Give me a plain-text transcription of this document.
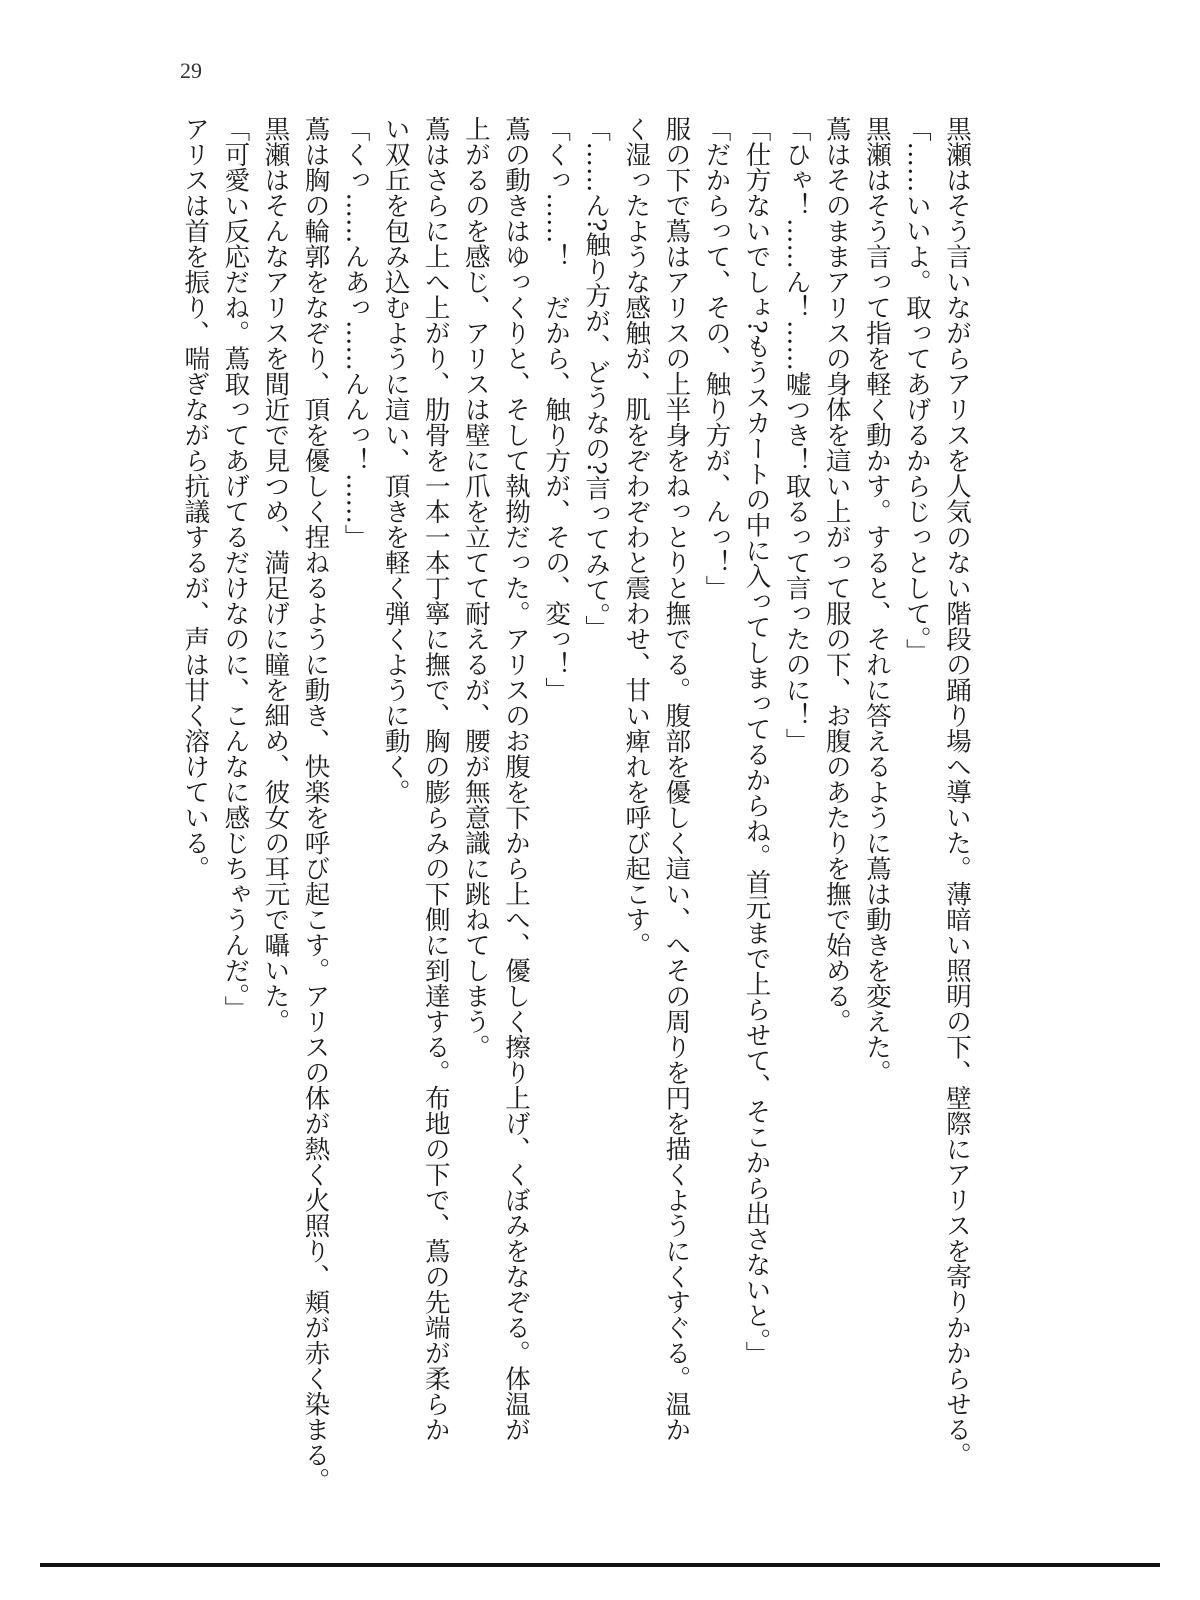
29
黒瀬はそう言いながらアリスを人気のない階段の踊り場へ導いた。薄暗い照明の下、壁際にアリスを寄りかからせる。
「……いいよ。取ってあげるからじっとして。」
黒瀬はそう言って指を軽く動かす。すると、それに答えるように蔦は動きを変えた。
蔦はそのままアリスの身体を這い上がって服の下、お腹のあたりを撫で始める。
「ひゃ！……ん！……嘘つき！取るって言ったのに！」
「仕方ないでしょ?もうスカートの中に入ってしまってるからね。首元まで上らせて、そこから出さないと。」
「だからって、その、触り方が、んっ！」
服の下で蔦はアリスの上半身をねっとりと撫でる。腹部を優しく這い、へその周りを円を描くようにくすぐる。温か
く湿ったような感触が、肌をぞわぞわと震わせ、甘い痺れを呼び起こす。
「……ん?触り方が、どうなの?言ってみて。」
「くっ……！　だから、触り方が、その、変っ！」
蔦の動きはゆっくりと、そして執拗だった。アリスのお腹を下から上へ、優しく擦り上げ、くぼみをなぞる。体温が
上がるのを感じ、アリスは壁に爪を立てて耐えるが、腰が無意識に跳ねてしまう。
蔦はさらに上へ上がり、肋骨を一本一本丁寧に撫で、胸の膨らみの下側に到達する。布地の下で、蔦の先端が柔らか
い双丘を包み込むように這い、頂きを軽く弾くように動く。
「くっ……んあっ……んんっ！……」
蔦は胸の輪郭をなぞり、頂を優しく捏ねるように動き、快楽を呼び起こす。アリスの体が熱く火照り、頬が赤く染まる。
黒瀬はそんなアリスを間近で見つめ、満足げに瞳を細め、彼女の耳元で囁いた。
「可愛い反応だね。蔦取ってあげてるだけなのに、こんなに感じちゃうんだ。」
アリスは首を振り、喘ぎながら抗議するが、声は甘く溶けている。
